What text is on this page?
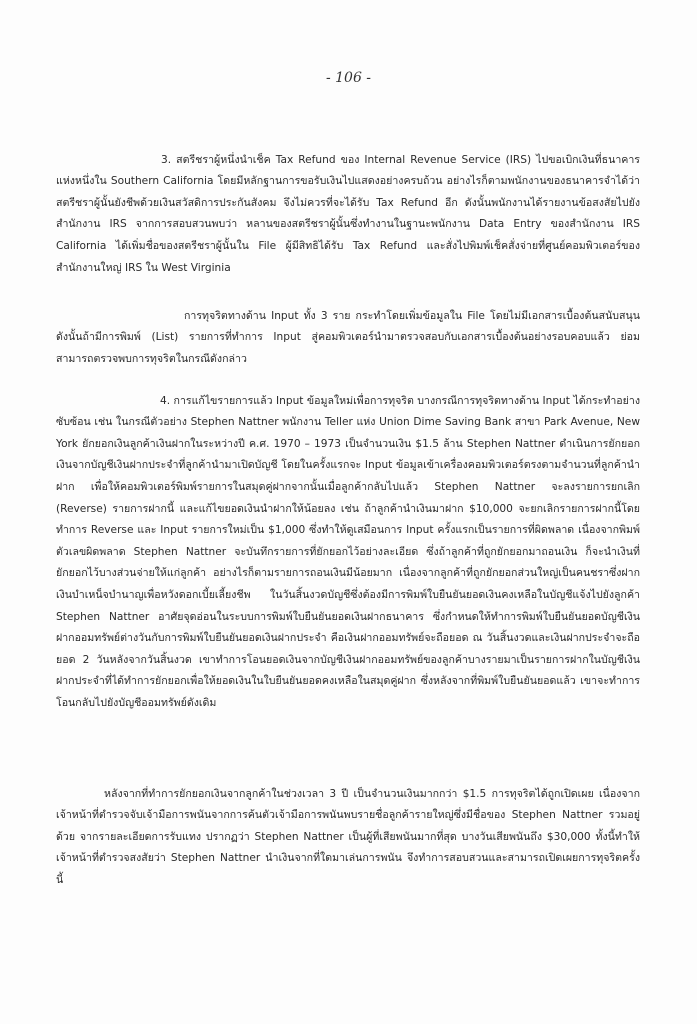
- 106 -

3. สตรีชราผู้หนึ่งนำเช็ค Tax Refund ของ Internal Revenue Service (IRS) ไปขอเบิกเงินที่ธนาคารแห่งหนึ่งใน Southern California โดยมีหลักฐานการขอรับเงินไปแสดงอย่างครบถ้วน อย่างไรก็ตามพนักงานของธนาคารจำได้ว่าสตรีชราผู้นั้นยังชีพด้วยเงินสวัสดิการประกันสังคม จึงไม่ควรที่จะได้รับ Tax Refund อีก ดังนั้นพนักงานได้รายงานข้อสงสัยไปยังสำนักงาน IRS จากการสอบสวนพบว่า หลานของสตรีชราผู้นั้นซึ่งทำงานในฐานะพนักงาน Data Entry ของสำนักงาน IRS California ได้เพิ่มชื่อของสตรีชราผู้นั้นใน File ผู้มีสิทธิได้รับ Tax Refund และสั่งไปพิมพ์เช็คสั่งจ่ายที่ศูนย์คอมพิวเตอร์ของสำนักงานใหญ่ IRS ใน West Virginia

การทุจริตทางด้าน Input ทั้ง 3 ราย กระทำโดยเพิ่มข้อมูลใน File โดยไม่มีเอกสารเบื้องต้นสนับสนุน ดังนั้นถ้ามีการพิมพ์ (List) รายการที่ทำการ Input สู่คอมพิวเตอร์นำมาตรวจสอบกับเอกสารเบื้องต้นอย่างรอบคอบแล้ว ย่อมสามารถตรวจพบการทุจริตในกรณีดังกล่าว

4. การแก้ไขรายการแล้ว Input ข้อมูลใหม่เพื่อการทุจริต บางกรณีการทุจริตทางด้าน Input ได้กระทำอย่างซับซ้อน เช่น ในกรณีตัวอย่าง Stephen Nattner พนักงาน Teller แห่ง Union Dime Saving Bank สาขา Park Avenue, New York ยักยอกเงินลูกค้าเงินฝากในระหว่างปี ค.ศ. 1970 – 1973 เป็นจำนวนเงิน $1.5 ล้าน Stephen Nattner ดำเนินการยักยอกเงินจากบัญชีเงินฝากประจำที่ลูกค้านำมาเปิดบัญชี โดยในครั้งแรกจะ Input ข้อมูลเข้าเครื่องคอมพิวเตอร์ตรงตามจำนวนที่ลูกค้านำฝาก เพื่อให้คอมพิวเตอร์พิมพ์รายการในสมุดคู่ฝากจากนั้นเมื่อลูกค้ากลับไปแล้ว Stephen Nattner จะลงรายการยกเลิก (Reverse) รายการฝากนี้ และแก้ไขยอดเงินนำฝากให้น้อยลง เช่น ถ้าลูกค้านำเงินมาฝาก $10,000 จะยกเลิกรายการฝากนี้โดยทำการ Reverse และ Input รายการใหม่เป็น $1,000 ซึ่งทำให้ดูเสมือนการ Input ครั้งแรกเป็นรายการที่ผิดพลาด เนื่องจากพิมพ์ตัวเลขผิดพลาด Stephen Nattner จะบันทึกรายการที่ยักยอกไว้อย่างละเอียด ซึ่งถ้าลูกค้าที่ถูกยักยอกมาถอนเงิน ก็จะนำเงินที่ยักยอกไว้บางส่วนจ่ายให้แก่ลูกค้า อย่างไรก็ตามรายการถอนเงินมีน้อยมาก เนื่องจากลูกค้าที่ถูกยักยอกส่วนใหญ่เป็นคนชราซึ่งฝากเงินบำเหน็จบำนาญเพื่อหวังดอกเบี้ยเลี้ยงชีพ ในวันสิ้นงวดบัญชีซึ่งต้องมีการพิมพ์ใบยืนยันยอดเงินคงเหลือในบัญชีแจ้งไปยังลูกค้า Stephen Nattner อาศัยจุดอ่อนในระบบการพิมพ์ใบยืนยันยอดเงินฝากธนาคาร ซึ่งกำหนดให้ทำการพิมพ์ใบยืนยันยอดบัญชีเงินฝากออมทรัพย์ต่างวันกับการพิมพ์ใบยืนยันยอดเงินฝากประจำ คือเงินฝากออมทรัพย์จะถือยอด ณ วันสิ้นงวดและเงินฝากประจำจะถือยอด 2 วันหลังจากวันสิ้นงวด เขาทำการโอนยอดเงินจากบัญชีเงินฝากออมทรัพย์ของลูกค้าบางรายมาเป็นรายการฝากในบัญชีเงินฝากประจำที่ได้ทำการยักยอกเพื่อให้ยอดเงินในใบยืนยันยอดคงเหลือในสมุดคู่ฝาก ซึ่งหลังจากที่พิมพ์ใบยืนยันยอดแล้ว เขาจะทำการโอนกลับไปยังบัญชีออมทรัพย์ดังเดิม

หลังจากที่ทำการยักยอกเงินจากลูกค้าในช่วงเวลา 3 ปี เป็นจำนวนเงินมากกว่า $1.5 การทุจริตได้ถูกเปิดเผย เนื่องจากเจ้าหน้าที่ตำรวจจับเจ้ามือการพนันจากการค้นตัวเจ้ามือการพนันพบรายชื่อลูกค้ารายใหญ่ซึ่งมีชื่อของ Stephen Nattner รวมอยู่ด้วย จากรายละเอียดการรับแทง ปรากฏว่า Stephen Nattner เป็นผู้ที่เสียพนันมากที่สุด บางวันเสียพนันถึง $30,000 ทั้งนี้ทำให้เจ้าหน้าที่ตำรวจสงสัยว่า Stephen Nattner นำเงินจากที่ใดมาเล่นการพนัน จึงทำการสอบสวนและสามารถเปิดเผยการทุจริตครั้งนี้
